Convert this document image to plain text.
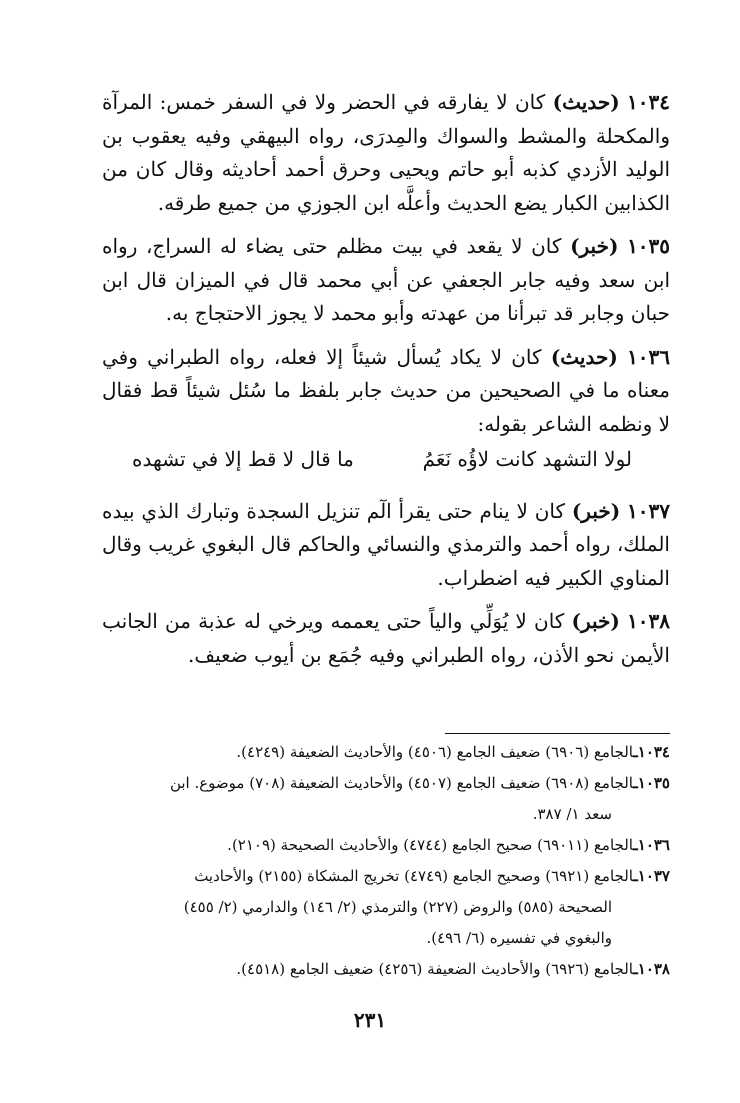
١٠٣٤ (حديث) كان لا يفارقه في الحضر ولا في السفر خمس: المرآة والمكحلة والمشط والسواك والمِدرَى، رواه البيهقي وفيه يعقوب بن الوليد الأزدي كذبه أبو حاتم ويحيى وحرق أحمد أحاديثه وقال كان من الكذابين الكبار يضع الحديث وأعلَّه ابن الجوزي من جميع طرقه.

١٠٣٥ (خبر) كان لا يقعد في بيت مظلم حتى يضاء له السراج، رواه ابن سعد وفيه جابر الجعفي عن أبي محمد قال في الميزان قال ابن حبان وجابر قد تبرأنا من عهدته وأبو محمد لا يجوز الاحتجاج به.

١٠٣٦ (حديث) كان لا يكاد يُسأل شيئاً إلا فعله، رواه الطبراني وفي معناه ما في الصحيحين من حديث جابر بلفظ ما سُئل شيئاً قط فقال لا ونظمه الشاعر بقوله:

لولا التشهد كانت لاؤُه نَعَمُ
ما قال لا قط إلا في تشهده

١٠٣٧ (خبر) كان لا ينام حتى يقرأ الٓم تنزيل السجدة وتبارك الذي بيده الملك، رواه أحمد والترمذي والنسائي والحاكم قال البغوي غريب وقال المناوي الكبير فيه اضطراب.

١٠٣٨ (خبر) كان لا يُوَلِّي والياً حتى يعممه ويرخي له عذبة من الجانب الأيمن نحو الأذن، رواه الطبراني وفيه جُمَع بن أيوب ضعيف.

١٠٣٤ـالجامع (٦٩٠٦) ضعيف الجامع (٤٥٠٦) والأحاديث الضعيفة (٤٢٤٩).

١٠٣٥ـالجامع (٦٩٠٨) ضعيف الجامع (٤٥٠٧) والأحاديث الضعيفة (٧٠٨) موضوع. ابن

سعد ١/ ٣٨٧.

١٠٣٦ـالجامع (٦٩٠١١) صحيح الجامع (٤٧٤٤) والأحاديث الصحيحة (٢١٠٩).

١٠٣٧ـالجامع (٦٩٢١) وصحيح الجامع (٤٧٤٩) تخريج المشكاة (٢١٥٥) والأحاديث

الصحيحة (٥٨٥) والروض (٢٢٧) والترمذي (٢/ ١٤٦) والدارمي (٢/ ٤٥٥)

والبغوي في تفسيره (٦/ ٤٩٦).

١٠٣٨ـالجامع (٦٩٢٦) والأحاديث الضعيفة (٤٢٥٦) ضعيف الجامع (٤٥١٨).

٢٣١
